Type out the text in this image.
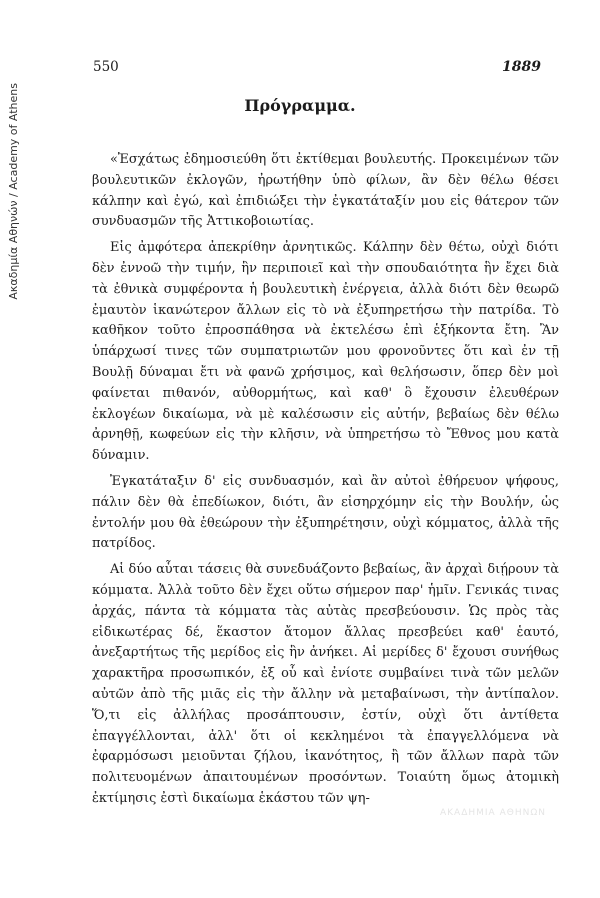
Ακαδημία Αθηνών / Academy of Athens
550	1889
Πρόγραμμα.

«Ἐσχάτως ἐδημοσιεύθη ὅτι ἐκτίθεμαι βουλευτής. Προκειμένων τῶν βουλευτικῶν ἐκλογῶν, ἠρωτήθην ὑπὸ φίλων, ἂν δὲν θέλω θέσει κάλπην καὶ ἐγώ, καὶ ἐπιδιώξει τὴν ἐγκατάταξίν μου εἰς θάτερον τῶν συνδυασμῶν τῆς Ἀττικοβοιωτίας.

Εἰς ἀμφότερα ἀπεκρίθην ἀρνητικῶς. Κάλπην δὲν θέτω, οὐχὶ διότι δὲν ἐννοῶ τὴν τιμήν, ἣν περιποιεῖ καὶ τὴν σπουδαιότητα ἣν ἔχει διὰ τὰ ἐθνικὰ συμφέροντα ἡ βουλευτικὴ ἐνέργεια, ἀλλὰ διότι δὲν θεωρῶ ἐμαυτὸν ἱκανώτερον ἄλλων εἰς τὸ νὰ ἐξυπηρετήσω τὴν πατρίδα. Τὸ καθῆκον τοῦτο ἐπροσπάθησα νὰ ἐκτελέσω ἐπὶ ἑξήκοντα ἔτη. Ἂν ὑπάρχωσί τινες τῶν συμπατριωτῶν μου φρονοῦντες ὅτι καὶ ἐν τῇ Βουλῇ δύναμαι ἔτι νὰ φανῶ χρήσιμος, καὶ θελήσωσιν, ὅπερ δὲν μοὶ φαίνεται πιθανόν, αὐθορμήτως, καὶ καθ' ὃ ἔχουσιν ἐλευθέρων ἐκλογέων δικαίωμα, νὰ μὲ καλέσωσιν εἰς αὐτήν, βεβαίως δὲν θέλω ἀρνηθῇ, κωφεύων εἰς τὴν κλῆσιν, νὰ ὑπηρετήσω τὸ Ἔθνος μου κατὰ δύναμιν.

Ἐγκατάταξιν δ' εἰς συνδυασμόν, καὶ ἂν αὐτοὶ ἐθήρευον ψήφους, πάλιν δὲν θὰ ἐπεδίωκον, διότι, ἂν εἰσηρχόμην εἰς τὴν Βουλήν, ὡς ἐντολήν μου θὰ ἐθεώρουν τὴν ἐξυπηρέτησιν, οὐχὶ κόμματος, ἀλλὰ τῆς πατρίδος.

Αἱ δύο αὗται τάσεις θὰ συνεδυάζοντο βεβαίως, ἂν ἀρχαὶ διῄρουν τὰ κόμματα. Ἀλλὰ τοῦτο δὲν ἔχει οὕτω σήμερον παρ' ἡμῖν. Γενικάς τινας ἀρχάς, πάντα τὰ κόμματα τὰς αὐτὰς πρεσβεύουσιν. Ὡς πρὸς τὰς εἰδικωτέρας δέ, ἕκαστον ἄτομον ἄλλας πρεσβεύει καθ' ἑαυτό, ἀνεξαρτήτως τῆς μερίδος εἰς ἣν ἀνήκει. Αἱ μερίδες δ' ἔχουσι συνήθως χαρακτῆρα προσωπικόν, ἐξ οὗ καὶ ἐνίοτε συμβαίνει τινὰ τῶν μελῶν αὐτῶν ἀπὸ τῆς μιᾶς εἰς τὴν ἄλλην νὰ μεταβαίνωσι, τὴν ἀντίπαλον. Ὅ,τι εἰς ἀλλήλας προσάπτουσιν, ἐστίν, οὐχὶ ὅτι ἀντίθετα ἐπαγγέλλονται, ἀλλ' ὅτι οἱ κεκλημένοι τὰ ἐπαγγελλόμενα νὰ ἐφαρμόσωσι μειοῦνται ζήλου, ἱκανότητος, ἢ τῶν ἄλλων παρὰ τῶν πολιτευομένων ἀπαιτουμένων προσόντων. Τοιαύτη ὅμως ἀτομικὴ ἐκτίμησις ἐστὶ δικαίωμα ἑκάστου τῶν ψη-

ΑΚΑΔΗΜΙΑ ΑΘΗΝΩΝ
